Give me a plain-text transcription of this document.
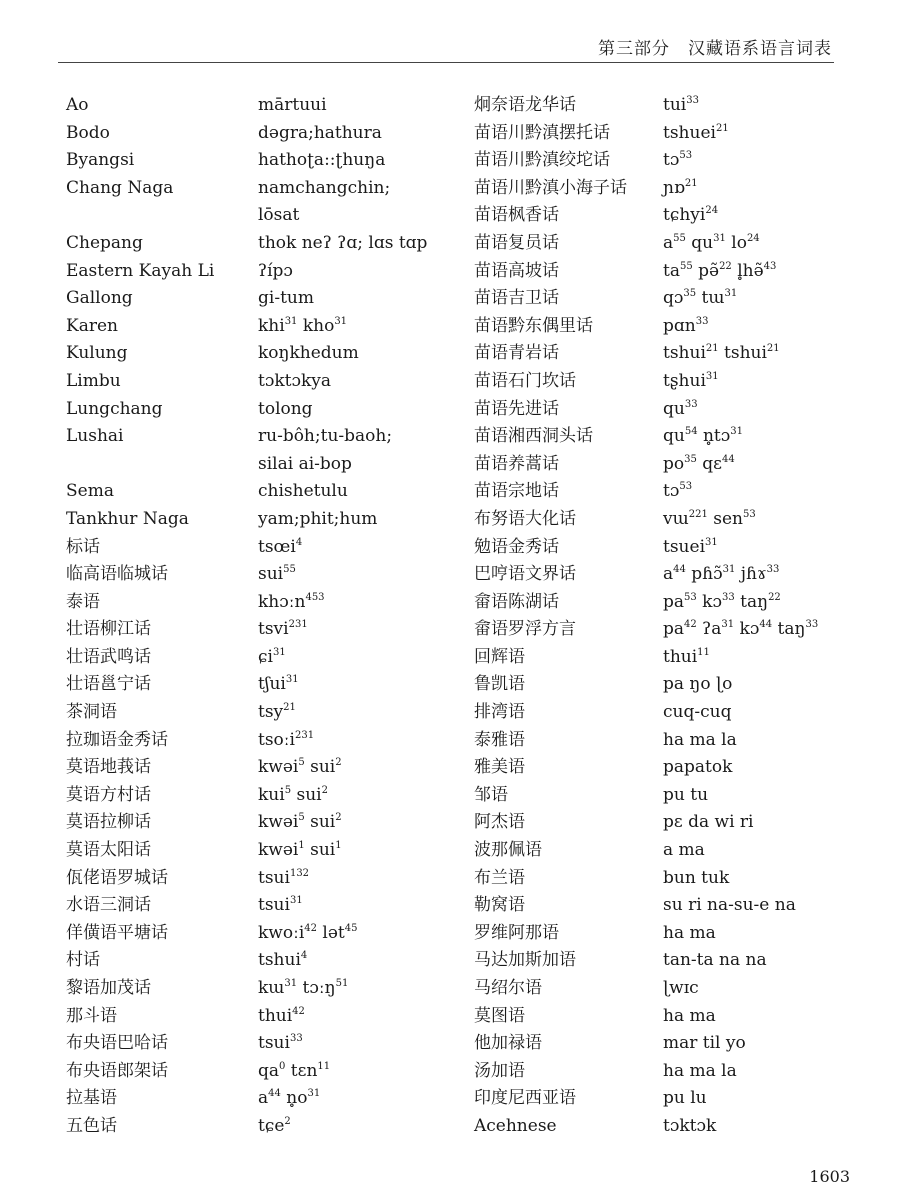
第三部分　汉藏语系语言词表
Ao
Bodo
Byangsi
Chang Naga
Chepang
Eastern Kayah Li
Gallong
Karen
Kulung
Limbu
Lungchang
Lushai
Sema
Tankhur Naga
标话
临高语临城话
泰语
壮语柳江话
壮语武鸣话
壮语邕宁话
茶洞语
拉珈语金秀话
莫语地莪话
莫语方村话
莫语拉柳话
莫语太阳话
佤佬语罗城话
水语三洞话
佯僙语平塘话
村话
黎语加茂话
那斗语
布央语巴哈话
布央语郎架话
拉基语
五色话
mārtuui
dəgra;hathura
hathoʈa::ʈhuŋa
namchangchin;
lōsat
thok neʔ ʔɑ; lɑs tɑp
ʔípɔ
gi-tum
khi$^{31}$ kho$^{31}$
koŋkhedum
tɔktɔkya
tolong
ru-bôh;tu-baoh;
silai ai-bop
chishetulu
yam;phit;hum
tsœi$^4$
sui$^{55}$
khɔːn$^{453}$
tsvi$^{231}$
ɕi$^{31}$
tʃui$^{31}$
tsy$^{21}$
tsoːi$^{231}$
kwəi$^5$ sui$^2$
kui$^5$ sui$^2$
kwəi$^5$ sui$^2$
kwəi$^1$ sui$^1$
tsui$^{132}$
tsui$^{31}$
kwoːi$^{42}$ lət$^{45}$
tshui$^4$
kɯ$^{31}$ tɔːŋ$^{51}$
thui$^{42}$
tsui$^{33}$
$qa^0$ tɛn$^{11}$
$a^{44}$ $n̥o^{31}$
tɕe$^2$
炯奈语龙华话
苗语川黔滇摆托话
苗语川黔滇绞坨话
苗语川黔滇小海子话
苗语枫香话
苗语复员话
苗语高坡话
苗语吉卫话
苗语黔东偶里话
苗语青岩话
苗语石门坎话
苗语先进话
苗语湘西洞头话
苗语养蒿话
苗语宗地话
布努语大化话
勉语金秀话
巴哼语文界话
畲语陈湖话
畲语罗浮方言
回辉语
鲁凯语
排湾语
泰雅语
雅美语
邹语
阿杰语
波那佩语
布兰语
勒窝语
罗维阿那语
马达加斯加语
马绍尔语
莫图语
他加禄语
汤加语
印度尼西亚语
Acehnese
tui$^{33}$
tshuei$^{21}$
tɔ$^{53}$
ɲɒ$^{21}$
tɕhyi$^{24}$
$a^{55}$ $qu^{31}$ $lo^{24}$
$ta^{55}$ pə̃$^{22}$ l̥hə̃$^{43}$
qɔ$^{35}$ tɯ$^{31}$
pɑn$^{33}$
tshui$^{21}$ tshui$^{21}$
tʂhui$^{31}$
$qu^{33}$
$qu^{54}$ n̥tɔ$^{31}$
$po^{35}$ qɛ$^{44}$
tɔ$^{53}$
vɯ$^{221}$ sen$^{53}$
tsuei$^{31}$
$a^{44}$ pɦɔ̃$^{31}$ jɦɤ$^{33}$
$pa^{53}$ kɔ$^{33}$ taŋ$^{22}$
$pa^{42}$ ʔa$^{31}$ kɔ$^{44}$ taŋ$^{33}$
thui$^{11}$
pa ŋo ɭo
cuq-cuq
ha ma la
papatok
pu tu
pɛ da wi ri
a ma
bun tuk
su ri na-su-e na
ha ma
tan-ta na na
ɭwɪc
ha ma
mar til yo
ha ma la
pu lu
tɔktɔk
1603
